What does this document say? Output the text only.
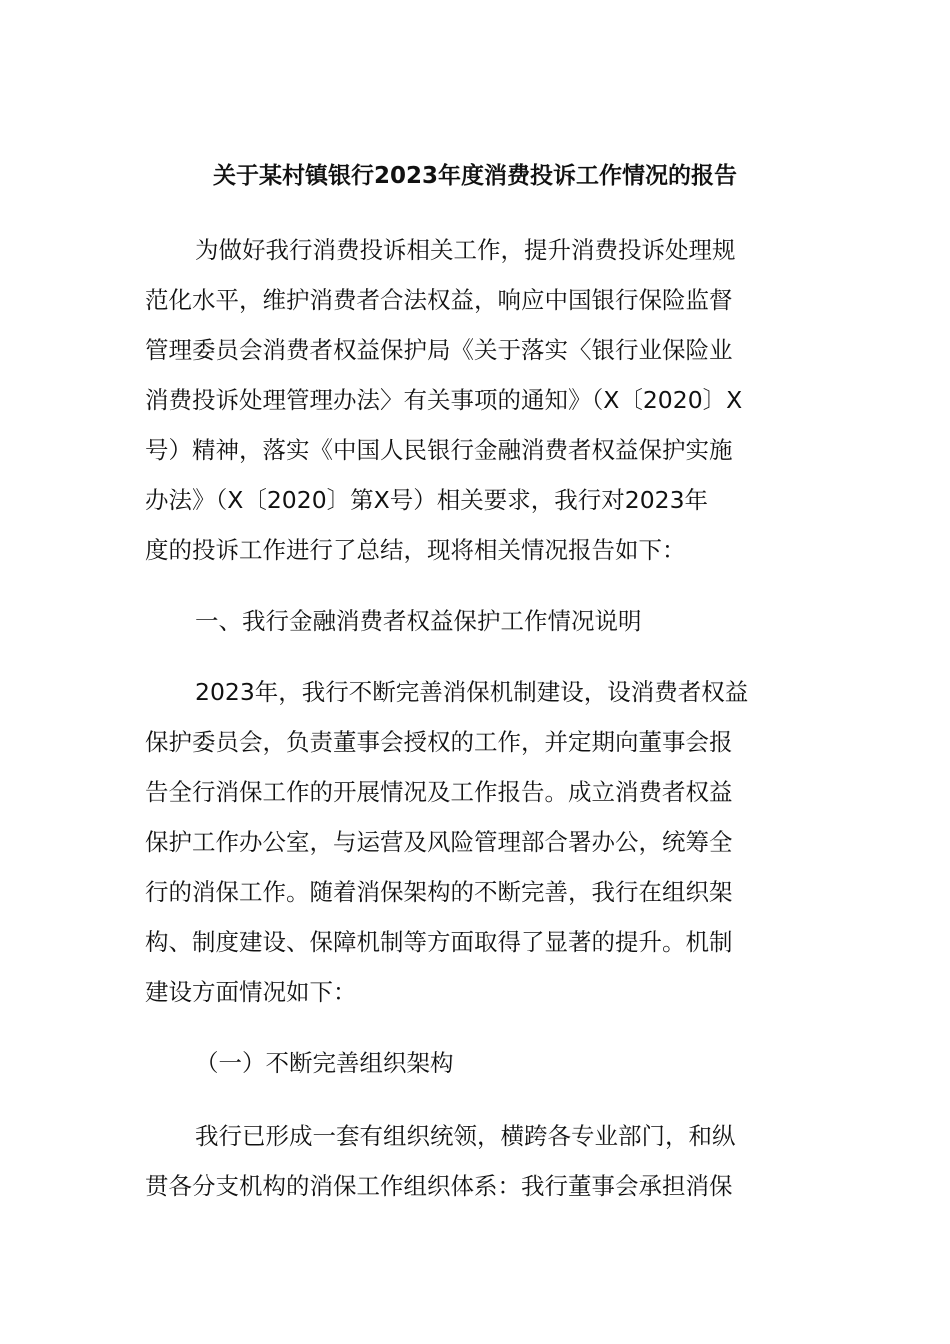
关于某村镇银行2023年度消费投诉工作情况的报告
为做好我行消费投诉相关工作，提升消费投诉处理规
范化水平，维护消费者合法权益，响应中国银行保险监督
管理委员会消费者权益保护局《关于落实〈银行业保险业
消费投诉处理管理办法〉有关事项的通知》（X〔2020〕X
号）精神，落实《中国人民银行金融消费者权益保护实施
办法》（X〔2020〕第X号）相关要求，我行对2023年
度的投诉工作进行了总结，现将相关情况报告如下：
一、我行金融消费者权益保护工作情况说明
2023年，我行不断完善消保机制建设，设消费者权益
保护委员会，负责董事会授权的工作，并定期向董事会报
告全行消保工作的开展情况及工作报告。成立消费者权益
保护工作办公室，与运营及风险管理部合署办公，统筹全
行的消保工作。随着消保架构的不断完善，我行在组织架
构、制度建设、保障机制等方面取得了显著的提升。机制
建设方面情况如下：
（一）不断完善组织架构
我行已形成一套有组织统领，横跨各专业部门，和纵
贯各分支机构的消保工作组织体系：我行董事会承担消保
